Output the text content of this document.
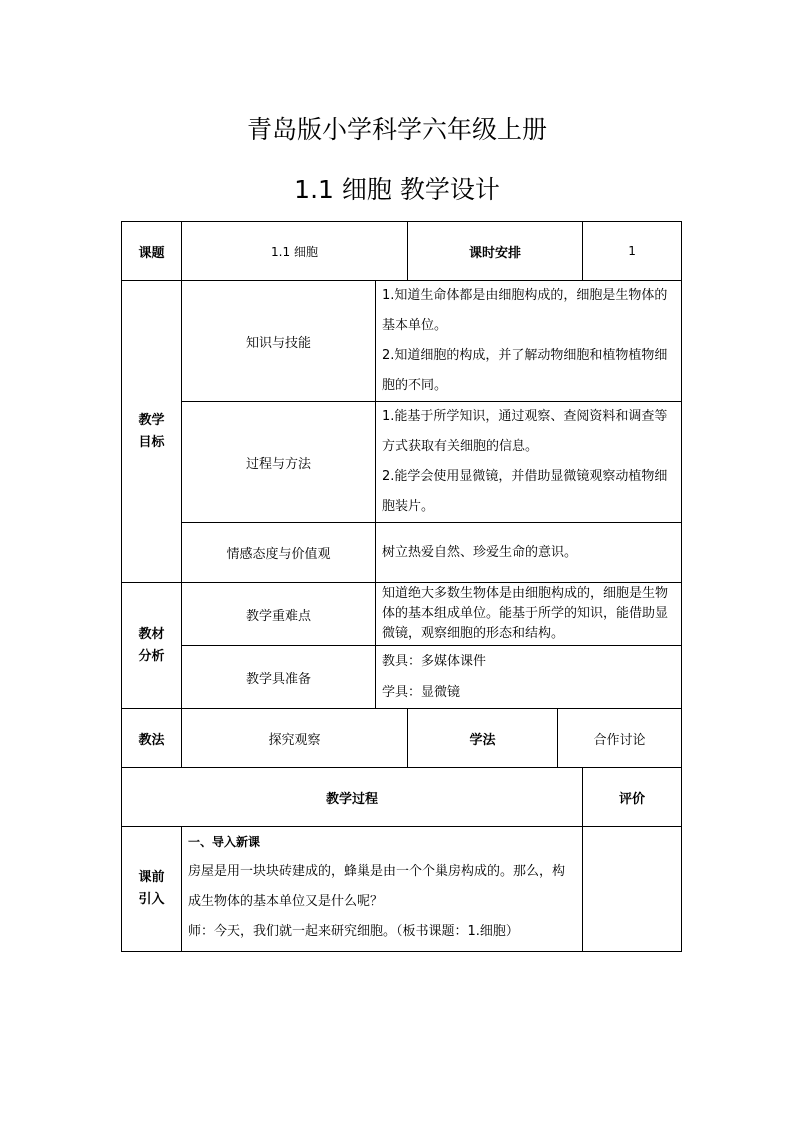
青岛版小学科学六年级上册
1.1 细胞 教学设计
课题	1.1 细胞		课时安排		1
教学目标	知识与技能	1.知道生命体都是由细胞构成的，细胞是生物体的基本单位。
2.知道细胞的构成，并了解动物细胞和植物植物细胞的不同。			

	过程与方法	1.能基于所学知识，通过观察、查阅资料和调查等方式获取有关细胞的信息。
2.能学会使用显微镜，并借助显微镜观察动植物细胞装片。			

	情感态度与价值观	树立热爱自然、珍爱生命的意识。			
教材分析	教学重难点	知道绝大多数生物体是由细胞构成的，细胞是生物体的基本组成单位。能基于所学的知识，能借助显微镜，观察细胞的形态和结构。			
	教学具准备	教具：多媒体课件
学具：显微镜			

教法	探究观察		学法	合作讨论	
教学过程					评价
课前引入	一、导入新课
房屋是用一块块砖建成的，蜂巢是由一个个巢房构成的。那么，构成生物体的基本单位又是什么呢？
师：今天，我们就一起来研究细胞。（板书课题：1.细胞）				
